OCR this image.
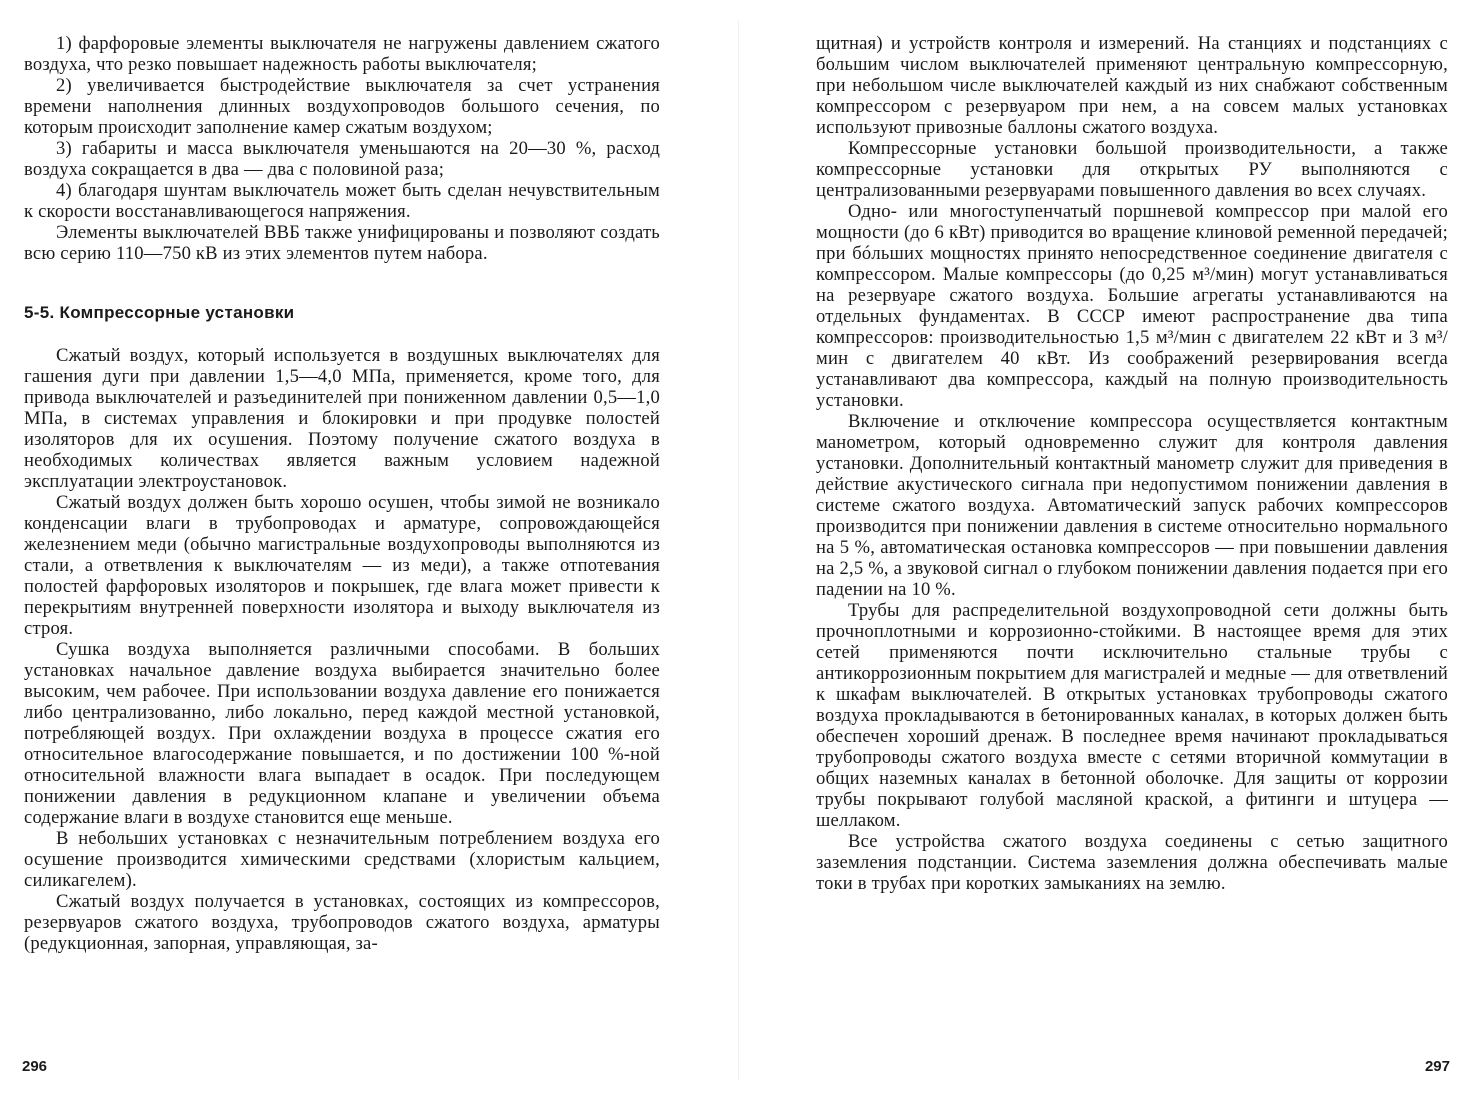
1) фарфоровые элементы выключателя не нагружены давлением сжатого воздуха, что резко повышает надежность работы выключателя;

2) увеличивается быстродействие выключателя за счет устранения времени наполнения длинных воздухопроводов большого сечения, по которым происходит заполнение камер сжатым воздухом;

3) габариты и масса выключателя уменьшаются на 20—30 %, расход воздуха сокращается в два — два с половиной раза;

4) благодаря шунтам выключатель может быть сделан нечувствительным к скорости восстанавливающегося напряжения.

Элементы выключателей ВВБ также унифицированы и позволяют создать всю серию 110—750 кВ из этих элементов путем набора.

5-5. Компрессорные установки

Сжатый воздух, который используется в воздушных выключателях для гашения дуги при давлении 1,5—4,0 МПа, применяется, кроме того, для привода выключателей и разъединителей при пониженном давлении 0,5—1,0 МПа, в системах управления и блокировки и при продувке полостей изоляторов для их осушения. Поэтому получение сжатого воздуха в необходимых количествах является важным условием надежной эксплуатации электроустановок.

Сжатый воздух должен быть хорошо осушен, чтобы зимой не возникало конденсации влаги в трубопроводах и арматуре, сопровождающейся железнением меди (обычно магистральные воздухопроводы выполняются из стали, а ответвления к выключателям — из меди), а также отпотевания полостей фарфоровых изоляторов и покрышек, где влага может привести к перекрытиям внутренней поверхности изолятора и выходу выключателя из строя.

Сушка воздуха выполняется различными способами. В больших установках начальное давление воздуха выбирается значительно более высоким, чем рабочее. При использовании воздуха давление его понижается либо централизованно, либо локально, перед каждой местной установкой, потребляющей воздух. При охлаждении воздуха в процессе сжатия его относительное влагосодержание повышается, и по достижении 100 %-ной относительной влажности влага выпадает в осадок. При последующем понижении давления в редукционном клапане и увеличении объема содержание влаги в воздухе становится еще меньше.

В небольших установках с незначительным потреблением воздуха его осушение производится химическими средствами (хлористым кальцием, силикагелем).

Сжатый воздух получается в установках, состоящих из компрессоров, резервуаров сжатого воздуха, трубопроводов сжатого воздуха, арматуры (редукционная, запорная, управляющая, за-

296

щитная) и устройств контроля и измерений. На станциях и подстанциях с большим числом выключателей применяют центральную компрессорную, при небольшом числе выключателей каждый из них снабжают собственным компрессором с резервуаром при нем, а на совсем малых установках используют привозные баллоны сжатого воздуха.

Компрессорные установки большой производительности, а также компрессорные установки для открытых РУ выполняются с централизованными резервуарами повышенного давления во всех случаях.

Одно- или многоступенчатый поршневой компрессор при малой его мощности (до 6 кВт) приводится во вращение клиновой ременной передачей; при бóльших мощностях принято непосредственное соединение двигателя с компрессором. Малые компрессоры (до 0,25 м³/мин) могут устанавливаться на резервуаре сжатого воздуха. Большие агрегаты устанавливаются на отдельных фундаментах. В СССР имеют распространение два типа компрессоров: производительностью 1,5 м³/мин с двигателем 22 кВт и 3 м³/мин с двигателем 40 кВт. Из соображений резервирования всегда устанавливают два компрессора, каждый на полную производительность установки.

Включение и отключение компрессора осуществляется контактным манометром, который одновременно служит для контроля давления установки. Дополнительный контактный манометр служит для приведения в действие акустического сигнала при недопустимом понижении давления в системе сжатого воздуха. Автоматический запуск рабочих компрессоров производится при понижении давления в системе относительно нормального на 5 %, автоматическая остановка компрессоров — при повышении давления на 2,5 %, а звуковой сигнал о глубоком понижении давления подается при его падении на 10 %.

Трубы для распределительной воздухопроводной сети должны быть прочноплотными и коррозионно-стойкими. В настоящее время для этих сетей применяются почти исключительно стальные трубы с антикоррозионным покрытием для магистралей и медные — для ответвлений к шкафам выключателей. В открытых установках трубопроводы сжатого воздуха прокладываются в бетонированных каналах, в которых должен быть обеспечен хороший дренаж. В последнее время начинают прокладываться трубопроводы сжатого воздуха вместе с сетями вторичной коммутации в общих наземных каналах в бетонной оболочке. Для защиты от коррозии трубы покрывают голубой масляной краской, а фитинги и штуцера — шеллаком.

Все устройства сжатого воздуха соединены с сетью защитного заземления подстанции. Система заземления должна обеспечивать малые токи в трубах при коротких замыканиях на землю.

297
